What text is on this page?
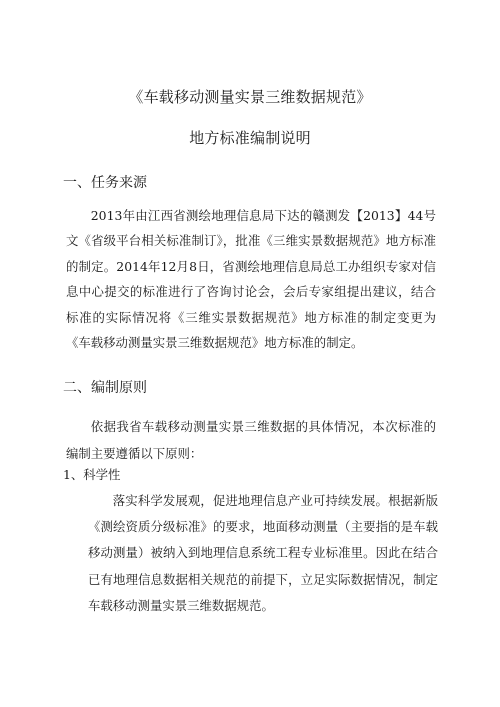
《车载移动测量实景三维数据规范》
地方标准编制说明
一、任务来源

2013年由江西省测绘地理信息局下达的赣测发【2013】44号文《省级平台相关标准制订》，批准《三维实景数据规范》地方标准的制定。2014年12月8日，省测绘地理信息局总工办组织专家对信息中心提交的标准进行了咨询讨论会，会后专家组提出建议，结合标准的实际情况将《三维实景数据规范》地方标准的制定变更为《车载移动测量实景三维数据规范》地方标准的制定。

二、编制原则

依据我省车载移动测量实景三维数据的具体情况，本次标准的编制主要遵循以下原则：

1、科学性

落实科学发展观，促进地理信息产业可持续发展。根据新版《测绘资质分级标准》的要求，地面移动测量（主要指的是车载移动测量）被纳入到地理信息系统工程专业标准里。因此在结合已有地理信息数据相关规范的前提下，立足实际数据情况，制定车载移动测量实景三维数据规范。
